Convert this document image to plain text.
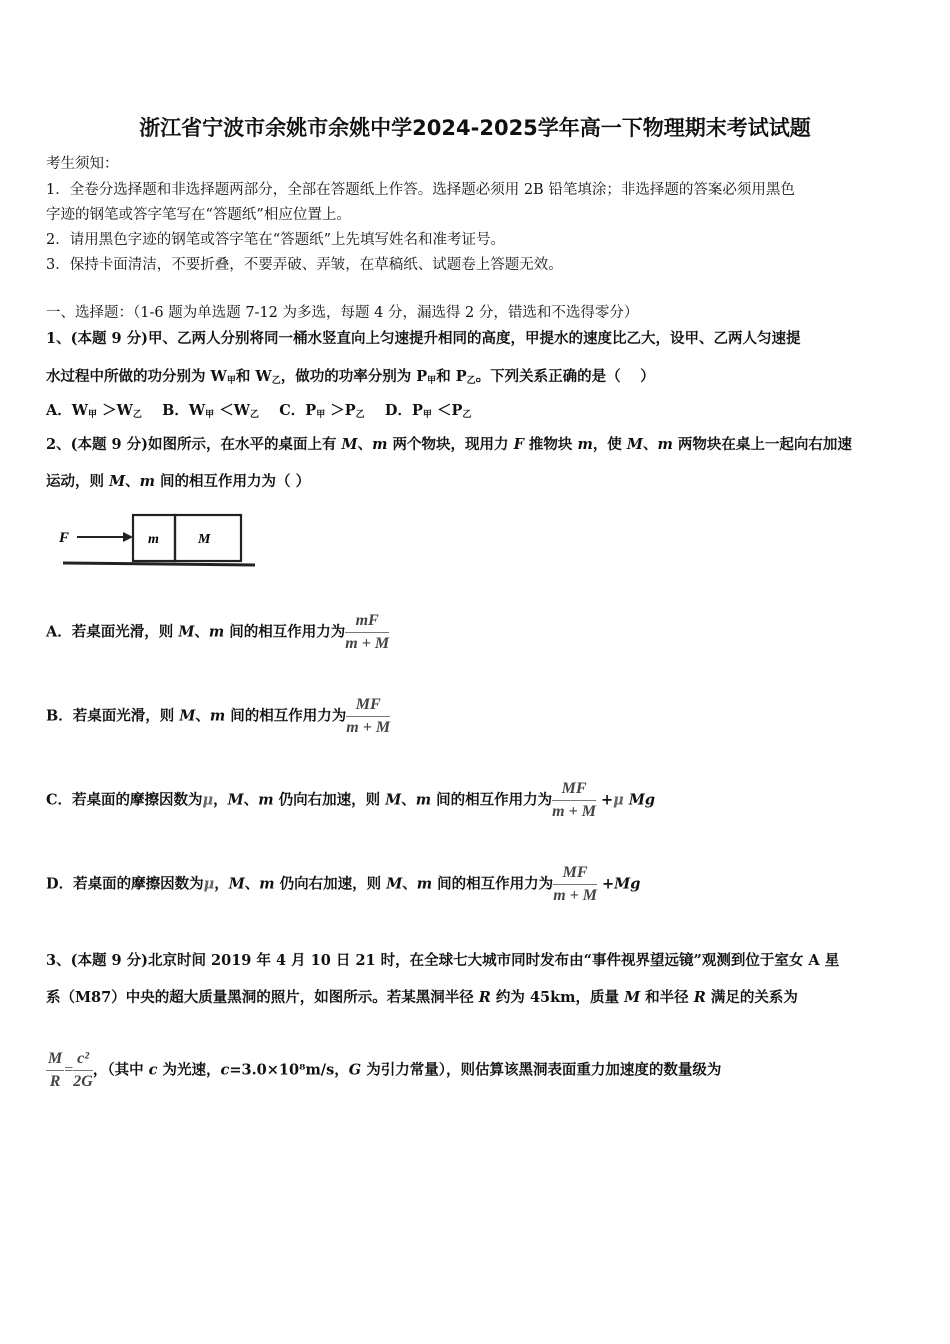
浙江省宁波市余姚市余姚中学2024-2025学年高一下物理期末考试试题
考生须知：
1．全卷分选择题和非选择题两部分，全部在答题纸上作答。选择题必须用 2B 铅笔填涂；非选择题的答案必须用黑色
字迹的钢笔或答字笔写在“答题纸”相应位置上。
2．请用黑色字迹的钢笔或答字笔在“答题纸”上先填写姓名和准考证号。
3．保持卡面清洁，不要折叠，不要弄破、弄皱，在草稿纸、试题卷上答题无效。
一、选择题：（1-6 题为单选题 7-12 为多选，每题 4 分，漏选得 2 分，错选和不选得零分）
1、(本题 9 分)甲、乙两人分别将同一桶水竖直向上匀速提升相同的高度，甲提水的速度比乙大，设甲、乙两人匀速提
水过程中所做的功分别为 $W_甲$和 $W_乙$，做功的功率分别为 $P_甲$和 $P_乙$。下列关系正确的是（　 ）
A．$W_甲 >W_乙$ B．$W_甲 <W_乙$ C．$P_甲 >P_乙$ D．$P_甲 <P_乙$
2、(本题 9 分)如图所示，在水平的桌面上有 M、m 两个物块，现用力 F 推物块 m，使 M、m 两物块在桌上一起向右加速
运动，则 M、m 间的相互作用力为（ ）
F	m	M
A．若桌面光滑，则 M、m 间的相互作用力为 $\frac{mF}{m + M}$
B．若桌面光滑，则 M、m 间的相互作用力为 $\frac{MF}{m + M}$
C．若桌面的摩擦因数为μ，M、m 仍向右加速，则 M、m 间的相互作用力为 $\frac{MF}{m + M} +\mu$ Mg
D．若桌面的摩擦因数为μ，M、m 仍向右加速，则 M、m 间的相互作用力为 $\frac{MF}{m + M} +Mg$
3、(本题 9 分)北京时间 2019 年 4 月 10 日 21 时，在全球七大城市同时发布由“事件视界望远镜”观测到位于室女 A 星
系（M87）中央的超大质量黑洞的照片，如图所示。若某黑洞半径 R 约为 45km，质量 M 和半径 R 满足的关系为
$\frac{M}{R} = \frac{\text{c²}}{2G}$ ，（其中 c 为光速，c=3.0×10⁸m/s，G 为引力常量），则估算该黑洞表面重力加速度的数量级为
